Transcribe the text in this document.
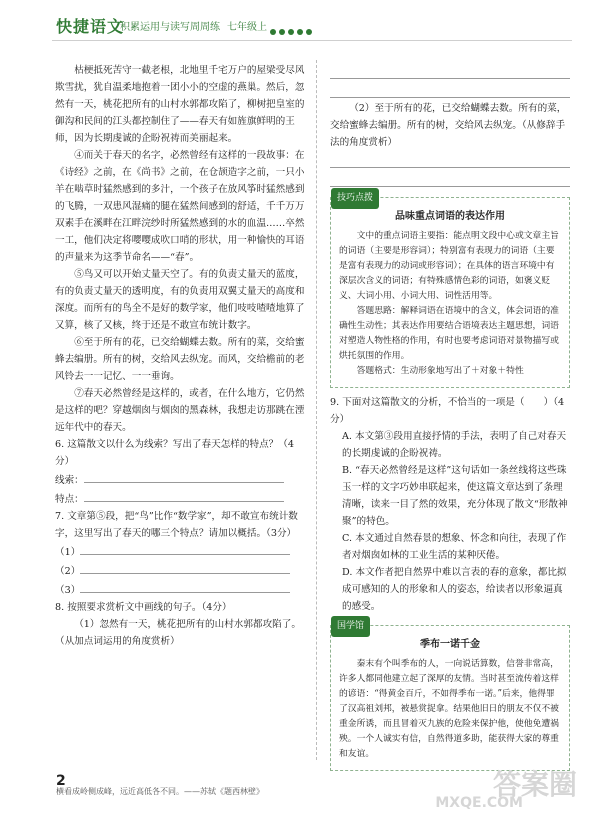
快捷语文
积累运用与读写周周练 七年级上

枯梗抵死苦守一截老根，北地里千宅万户的屋梁受尽风欺雪扰，犹自温柔地抱着一团小小的空虚的燕巢。然后，忽然有一天，桃花把所有的山村水郭都攻陷了，柳树把皇室的御沟和民间的江头都控制住了——春天有如旌旗鲜明的王师，因为长期虔诚的企盼祝祷而美丽起来。

④而关于春天的名字，必然曾经有这样的一段故事：在《诗经》之前，在《尚书》之前，在仓颉造字之前，一只小羊在啮草时猛然感到的多汁，一个孩子在放风筝时猛然感到的飞腾，一双患风湿痛的腿在猛然间感到的舒适，千千万万双素手在溪畔在江畔浣纱时所猛然感到的水的血温……卒然一工，他们决定将嘤嘤成吹口哨的形状，用一种愉快的耳语的声量来为这季节命名——“春”。

⑤鸟又可以开始丈量天空了。有的负责丈量天的蓝度，有的负责丈量天的透明度，有的负责用双翼丈量天的高度和深度。而所有的鸟全不是好的数学家，他们吱吱喳喳地算了又算，核了又核，终于还是不敢宣布统计数字。

⑥至于所有的花，已交给蝴蝶去数。所有的菜，交给蜜蜂去编册。所有的树，交给风去纵宠。而风，交给檐前的老风铃去一一记忆、一一垂询。

⑦春天必然曾经是这样的，或者，在什么地方，它仍然是这样的吧？穿越烟囱与烟囱的黑森林，我想走访那跳在湮远年代中的春天。

6. 这篇散文以什么为线索？写出了春天怎样的特点？（4分）

线索：

特点：

7. 文章第⑤段，把“鸟”比作“数学家”，却不敢宣布统计数字，这里写出了春天的哪三个特点？请加以概括。（3分）

（1）

（2）

（3）

8. 按照要求赏析文中画线的句子。（4分）

（1）忽然有一天，桃花把所有的山村水郭都攻陷了。（从加点词运用的角度赏析）

（2）至于所有的花，已交给蝴蝶去数。所有的菜，交给蜜蜂去编册。所有的树，交给风去纵宠。（从修辞手法的角度赏析）

技巧点拨
品味重点词语的表达作用

文中的重点词语主要指：能点明文段中心或文章主旨的词语（主要是形容词）；特别富有表现力的词语（主要是富有表现力的动词或形容词）；在具体的语言环境中有深层次含义的词语；有特殊感情色彩的词语，如褒义贬义、大词小用、小词大用、词性活用等。

答题思路：解释词语在语境中的含义，体会词语的准确性生动性；其表达作用要结合语境表达主题思想，词语对塑造人物性格的作用，有时也要考虑词语对景物描写或烘托氛围的作用。

答题格式：生动形象地写出了＋对象＋特性

9. 下面对这篇散文的分析，不恰当的一项是（　　）（4分）

A. 本文第③段用直接抒情的手法，表明了自己对春天的长期虔诚的企盼祝祷。

B. “春天必然曾经是这样”这句话如一条丝线将这些珠玉一样的文字巧妙串联起来，使这篇文章达到了条理清晰，读来一目了然的效果，充分体现了散文“形散神聚”的特色。

C. 本文通过自然春景的想象、怀念和向往，表现了作者对烟囱如林的工业生活的某种厌倦。

D. 本文作者把自然界中难以言表的春的意象，都比拟成可感知的人的形象和人的姿态，给读者以形象逼真的感受。

国学馆
季布一诺千金

秦末有个叫季布的人，一向说话算数，信誉非常高，许多人都同他建立起了深厚的友情。当时甚至流传着这样的谚语：“得黄金百斤，不如得季布一诺。”后来，他得罪了汉高祖刘邦，被悬赏捉拿。结果他旧日的朋友不仅不被重金所诱，而且冒着灭九族的危险来保护他，使他免遭祸殃。一个人诚实有信，自然得道多助，能获得大家的尊重和友谊。

2
横看成岭侧成峰，远近高低各不同。——苏轼《题西林壁》	答案圈
MXQE.COM
